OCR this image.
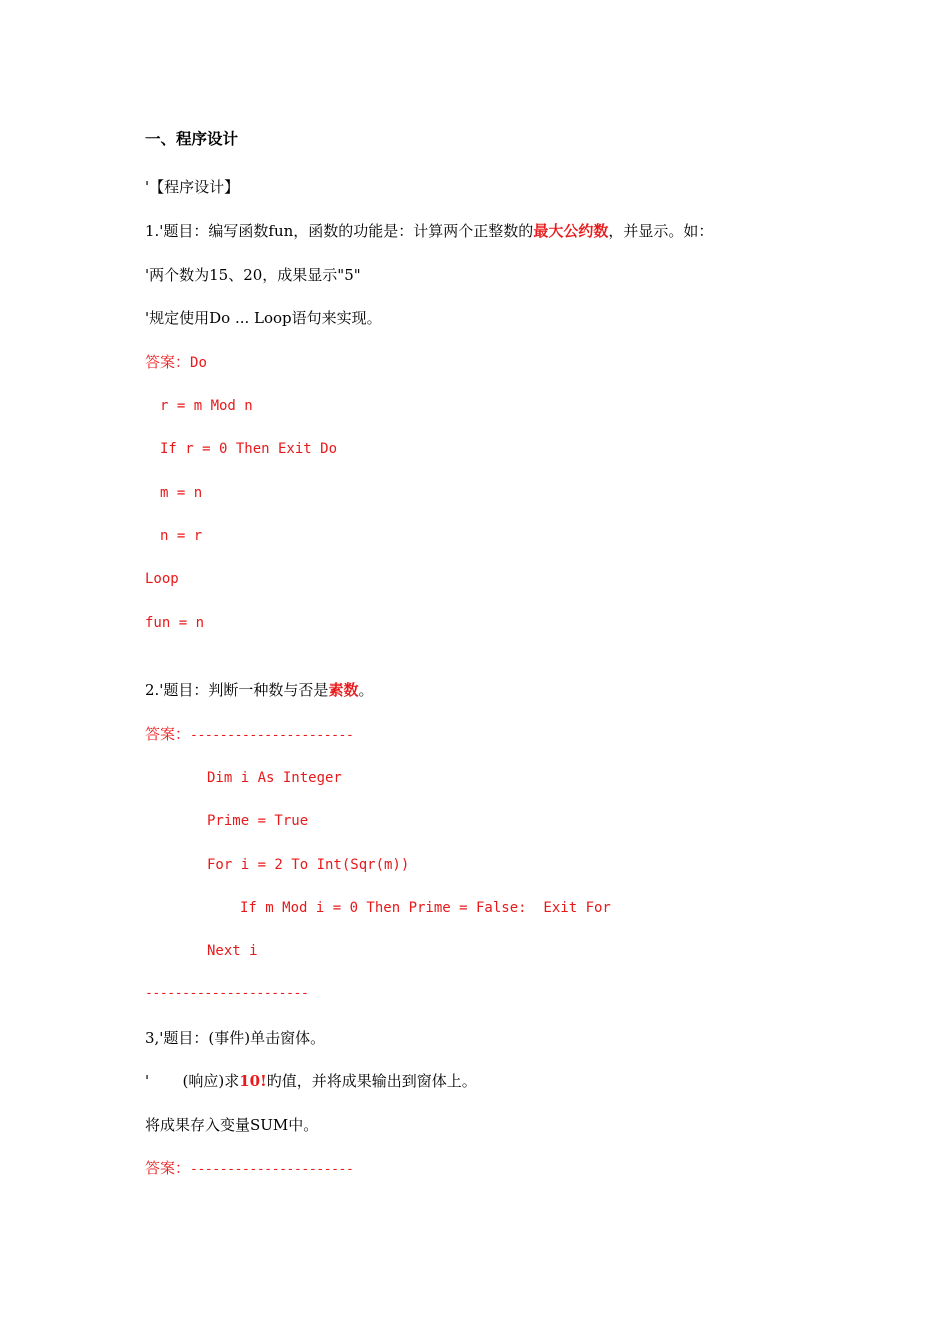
一、程序设计
'【程序设计】
1.'题目：编写函数fun，函数的功能是：计算两个正整数的最大公约数，并显示。如：
'两个数为15、20，成果显示"5"
'规定使用Do ... Loop语句来实现。
答案：Do
r = m Mod n
If r = 0 Then Exit Do
m = n
n = r
Loop
fun = n
2.'题目：判断一种数与否是素数。
答案：----------------------
Dim i As Integer
Prime = True
For i = 2 To Int(Sqr(m))
If m Mod i = 0 Then Prime = False:  Exit For
Next i
----------------------
3,'题目：(事件)单击窗体。
'       (响应)求10!旳值，并将成果输出到窗体上。
将成果存入变量SUM中。
答案：----------------------
